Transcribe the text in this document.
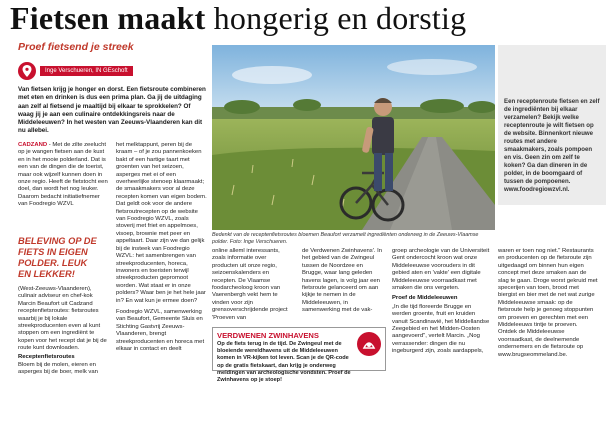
Fietsen maakt hongerig en dorstig
Proef fietsend je streek
Inge Verschueren, IN GEschoft

Van fietsen krijg je honger en dorst. Een fietsroute combineren met eten en drinken is dus een prima plan. Ga jij de uitdaging aan zelf al fietsend je maaltijd bij elkaar te sprokkelen? Of waag jij je aan een culinaire ontdekkingsreis naar de Middeleeuwen? In het westen van Zeeuws-Vlaanderen kan dit nu allebei.

CADZAND - Met de zilte zeelucht op je wangen fietsen aan de kust en in het mooie polderland. Dat is een van de dingen die de toerist, maar ook wijzelf kunnen doen in onze regio. Heeft de fietstocht een doel, dan wordt het nog leuker. Daarom bedacht initiatiefnemer van Foodregio WZVL

BELEVING OP DE FIETS IN EIGEN POLDER. LEUK EN LEKKER!

(West-Zeeuws-Vlaanderen), culinair adviseur en chef-kok Marcin Beaufort uit Cadzand receptenfietsroutes: fietsroutes waarbij je bij lokale streekproducenten even al kunt stoppen om een ingrediënt te kopen voor het recept dat je bij de route kunt downloaden.

Receptenfietsroutes

Bloem bij de molen, eieren en asperges bij de boer, melk van

het melktappunt, peren bij de kraam – of je zou pannenkoeken bakt of een hartige taart met groenten van het seizoen, asperges met ei of een overheerlijke stenoep klaarmaakt; de smaakmakers voor al deze recepten komen van eigen bodem. Dat geldt ook voor de andere fietsroutrecepten op de website van Foodregio WZVL, zoals stoverij met friet en appelmoes, visoep, brownie met peer en appeltaart. Daar zijn we dan gelijk bij de insteek van Foodregio WZVL: het samenbrengen van streekproducenten, horeca, inwoners en toeristen terwijl streekproducten gepromoot worden. Wat staat er in onze polders? Waar ben je het hele jaar in? En wat kun je ermee doen?

Foodregio WZVL, samenwerking van Beaufort, Gemeente Sluis en Stichting Gastvrij Zeeuws-Vlaanderen, brengt streekproducenten en horeca met elkaar in contact en deelt

Bedenkt van de receptenfietsroutes bloemen Beaufort verzamelt ingrediënten onderweg in de Zeeuws-Vlaamse polder. Foto: Inge Verschueren.
Een receptenroute fietsen en zelf de ingrediënten bij elkaar verzamelen? Bekijk welke receptenroute je wilt fietsen op de website. Binnenkort nieuwe routes met andere smaakmakers, zoals pompoen en vis. Geen zin om zelf te koken? Ga dan dineren in de polder, in de boomgaard of tussen de pompoenen. www.foodregiowzvl.nl.

online alleml interessants, zoals informatie over producten uit onze regio, seizoenskalenders en recepten. De Vlaamse foodarcheoloog kroon van Vaerenbergh vekt hem te vinden voor zijn grensoverschrijdende project 'Proeven van

de Verdwenen Zwinhavens'. In het gebied van de Zwingeul tussen de Noordzee en Brugge, waar lang geleden havens lagen, is volg jaar een fietsroute gelanceerd om aan kijkje te nemen in de Middeleeuwen, in samenwerking met de vak-

groep archeologie van de Universiteit Gent ondercocht kroon wat onze Middeleeuwse voorouders in dit gebied aten en 'vakte' een digitale Middeleeuwse voorraadkast met smaken die ons vergeten.

Proef de Middeleeuwen

„In die tijd floreerde Brugge en werden groente, fruit en kruiden vanuit Scandinavië, het Middellandse Zeegebied en het Midden-Oosten aangevoerd", vertelt Marcin. „Nog verrassender: dingen die nu ingeburgerd zijn, zoals aardappels,

waren er toen nog niet." Restaurants en producenten op de fietsroute zijn uitgedaagd om binnen hun eigen concept met deze smaken aan de slag te gaan. Droge worst gekruid met specerijen van toen, brood met biergist en bier met de net wat zurige Middeleeuwse smaak: op de fietsroute help je genoeg stoppunten om proeven en gerechten met een Middeleeuws tintje te proeven. Ontdek de Middeleeuwse voorraadkast, de deelnemende ondernemers en de fietsroute op www.brugseommeland.be.

VERDWENEN ZWINHAVENS
Op de fiets terug in de tijd. De Zwingeul met de bloeiende wereldhavens uit de Middeleeuwen komen in VR-kijken tot leven. Scan je de QR-code op de gratis fietskaart, dan krijg je onderweg meldingen van archeologische vondsten. Proef de Zwinhavens op je stoep!
